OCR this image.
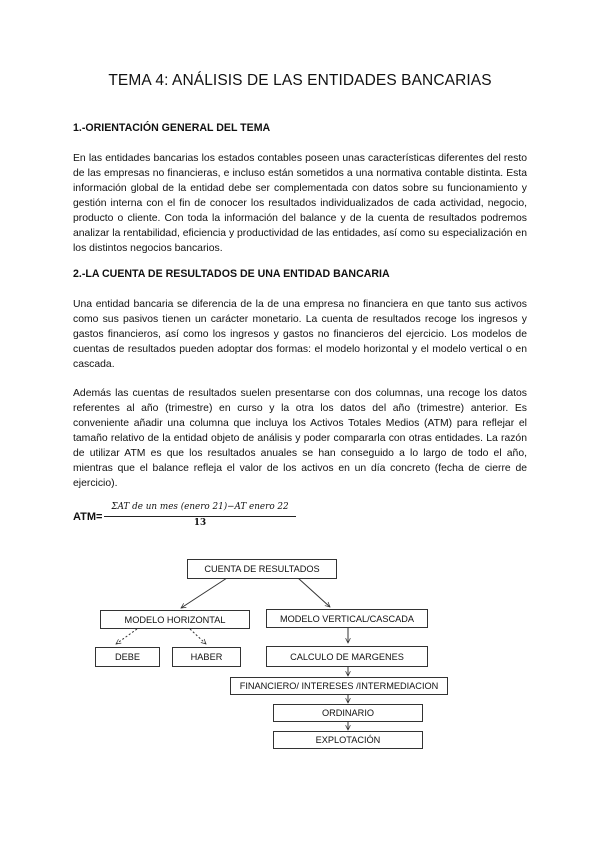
TEMA 4: ANÁLISIS DE LAS ENTIDADES BANCARIAS
1.-ORIENTACIÓN GENERAL DEL TEMA

En las entidades bancarias los estados contables poseen unas características diferentes del resto de las empresas no financieras, e incluso están sometidos a una normativa contable distinta. Esta información global de la entidad debe ser complementada con datos sobre su funcionamiento y gestión interna con el fin de conocer los resultados individualizados de cada actividad, negocio, producto o cliente. Con toda la información del balance y de la cuenta de resultados podremos analizar la rentabilidad, eficiencia y productividad de las entidades, así como su especialización en los distintos negocios bancarios.

2.-LA CUENTA DE RESULTADOS DE UNA ENTIDAD BANCARIA

Una entidad bancaria se diferencia de la de una empresa no financiera en que tanto sus activos como sus pasivos tienen un carácter monetario. La cuenta de resultados recoge los ingresos y gastos financieros, así como los ingresos y gastos no financieros del ejercicio. Los modelos de cuentas de resultados pueden adoptar dos formas: el modelo horizontal y el modelo vertical o en cascada.

Además las cuentas de resultados suelen presentarse con dos columnas, una recoge los datos referentes al año (trimestre) en curso y la otra los datos del año (trimestre) anterior. Es conveniente añadir una columna que incluya los Activos Totales Medios (ATM) para reflejar el tamaño relativo de la entidad objeto de análisis y poder compararla con otras entidades. La razón de utilizar ATM es que los resultados anuales se han conseguido a lo largo de todo el año, mientras que el balance refleja el valor de los activos en un día concreto (fecha de cierre de ejercicio).

ATM=
ΣAT de un mes (enero 21)−AT enero 22
13
CUENTA DE RESULTADOS
MODELO HORIZONTAL	MODELO VERTICAL/CASCADA
DEBE	HABER	CALCULO DE MARGENES
FINANCIERO/ INTERESES /INTERMEDIACION
ORDINARIO
EXPLOTACIÓN
